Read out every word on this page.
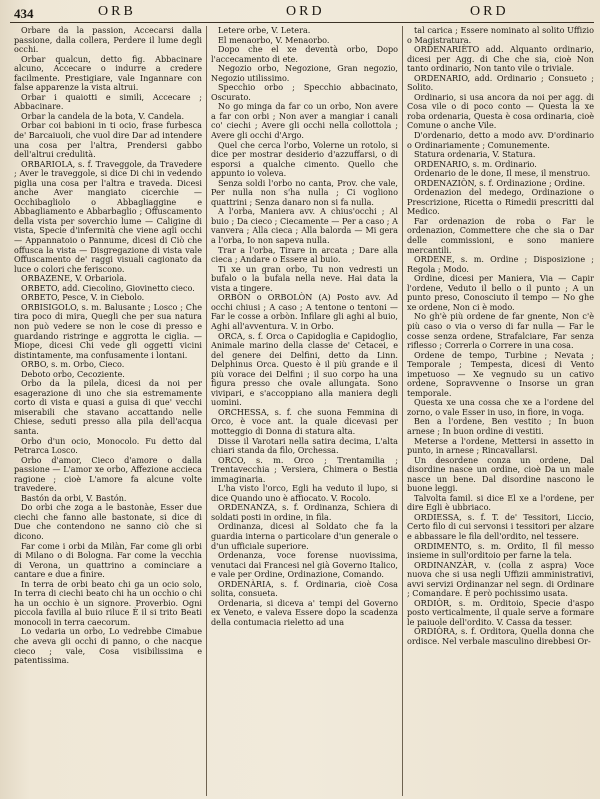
434	ORB	ORD	ORD

Orbare da la passion, Accecarsi dalla passione, dalla collera, Perdere il lume degli occhi.

Orbar qualcun, detto fig. Abbacinare alcuno, Accecare o indurre a credere facilmente. Prestigiare, vale Ingannare con false apparenze la vista altrui.

Orbar i quaiotti e simili, Accecare ; Abbacinare.

Orbar la candela de la bota, V. Candela.

Orbar coi babioni in ti ocio, frase furbesca de' Barcaiuoli, che vuol dire Dar ad intendere una cosa per l'altra, Prendersi gabbo dell'altrui credulità.

ORBARIOLA, s. f. Traveggole, da Travedere ; Aver le traveggole, si dice Di chi in vedendo piglia una cosa per l'altra e traveda. Dicesi anche Aver mangiato cicerchie — Occhibagliolo o Abbagliaggine e Abbagliamento e Abbarbaglio ; Offuscamento della vista per soverchio lume — Caligine di vista, Specie d'infermità che viene agli occhi — Appannatoio o Pannume, dicesi di Ciò che offusca la vista — Disgregazione di vista vale Offuscamento de' raggi visuali cagionato da luce o colori che feriscono.

ORBAZENE, V. Orbariola.

ORBETO, add. Ciecolino, Giovinetto cieco.

ORBETO, Pesce, V. in Ciebolo.

ORBISIGOLO, s. m. Balusante ; Losco ; Che tira poco di mira, Quegli che per sua natura non può vedere se non le cose di presso e guardando ristringe e aggrotta le ciglia. — Miope, dicesi Chi vede gli oggetti vicini distintamente, ma confusamente i lontani.

ORBO, s. m. Orbo, Cieco.

Deboto orbo, Cecoziente.

Orbo da la pilela, dicesi da noi per esagerazione di uno che sia estremamente corto di vista e quasi a guisa di que' vecchi miserabili che stavano accattando nelle Chiese, seduti presso alla pila dell'acqua santa.

Orbo d'un ocio, Monocolo. Fu detto dal Petrarca Losco.

Orbo d'amor, Cieco d'amore o dalla passione — L'amor xe orbo, Affezione accieca ragione ; cioè L'amore fa alcune volte travedere.

Bastón da orbi, V. Bastón.

Do orbi che zoga a le bastonàe, Esser due ciechi che fanno alle bastonate, si dice di Due che contendono ne sanno ciò che si dicono.

Far come i orbi da Milàn, Far come gli orbi di Milano o di Bologna. Far come la vecchia di Verona, un quattrino a cominciare a cantare e due a finire.

In terra de orbi beato chi ga un ocio solo, In terra di ciechi beato chi ha un occhio o chi ha un occhio è un signore. Proverbio. Ogni piccola favilla al buio riluce È il si trito Beati monocoli in terra caecorum.

Lo vedaria un orbo, Lo vedrebbe Cimabue che aveva gli occhi di panno, o che nacque cieco ; vale, Cosa visibilissima e patentissima.

Letere orbe, V. Letera.

El menaorbo, V. Menaorbo.

Dopo che el xe deventà orbo, Dopo l'accecamento di ete.

Negozio orbo, Negozione, Gran negozio, Negozio utilissimo.

Specchio orbo ; Specchio abbacinato, Oscurato.

No go minga da far co un orbo, Non avere a far con orbi ; Non aver a mangiar i canali co' ciechi ; Avere gli occhi nella collottola ; Avere gli occhi d'Argo.

Quel che cerca l'orbo, Volerne un rotolo, si dice per mostrar desiderio d'azzuffarsi, o di esporsi a qualche cimento. Quello che appunto io voleva.

Senza soldi l'orbo no canta, Prov. che vale, Per nulla non s'ha nulla ; Ci vogliono quattrini ; Senza danaro non si fa nulla.

A l'orba, Maniera avv. A chius'occhi ; Al buio ; Da cieco ; Ciecamente — Per a caso ; A vanvera ; Alla cieca ; Alla balorda — Mi gera a l'orba, Io non sapeva nulla.

Trar a l'orba, Tirare in arcata ; Dare alla cieca ; Andare o Essere al buio.

Ti xe un gran orbo, Tu non vedresti un bufalo o la bufala nella neve. Hai data la vista a tingere.

ORBÒN o ORBOLÒN (A) Posto avv. Ad occhi chiusi ; A caso ; A tentone o tentoni — Far le cosse a orbòn. Infilare gli aghi al buio, Aghi all'avventura. V. in Orbo.

ORCA, s. f. Orca o Capidoglia e Capidoglio, Animale marino della classe de' Cetacei, e del genere dei Delfini, detto da Linn. Delphinus Orca. Questo è il più grande e il più vorace dei Delfini ; il suo corpo ha una figura presso che ovale allungata. Sono vivipari, e s'accoppiano alla maniera degli uomini.

ORCHESSA, s. f. che suona Femmina di Orco, è voce ant. la quale dicevasi per motteggio di Donna di statura alta.

Disse il Varotari nella satira decima, L'alta chiari standa da filo, Orchessa.

ORCO, s. m. Orco ; Trentamilia ; Trentavecchia ; Versiera, Chimera o Bestia immaginaria.

L'ha visto l'orco, Egli ha veduto il lupo, si dice Quando uno è affiocato. V. Rocolo.

ORDENANZA, s. f. Ordinanza, Schiera di soldati posti in ordine, in fila.

Ordinanza, dicesi al Soldato che fa la guardia interna o particolare d'un generale o d'un ufficiale superiore.

Ordenanza, voce forense nuovissima, venutaci dai Francesi nel già Governo Italico, e vale per Ordine, Ordinazione, Comando.

ORDENÀRIA, s. f. Ordinaria, cioè Cosa solita, consueta.

Ordenaria, si diceva a' tempi del Governo ex Veneto, e valeva Essere dopo la scadenza della contumacia rieletto ad una

tal carica ; Essere nominato al solito Uffizio o Magistratura.

ORDENARIÈTO add. Alquanto ordinario, dicesi per Agg. di Che che sia, cioè Non tanto ordinario, Non tanto vile o triviale.

ORDENARIO, add. Ordinario ; Consueto ; Solito.

Ordinario, si usa ancora da noi per agg. di Cosa vile o di poco conto — Questa la xe roba ordenaria, Questa è cosa ordinaria, cioè Comune o anche Vile.

D'ordenario, detto a modo avv. D'ordinario o Ordinariamente ; Comunemente.

Statura ordenaria, V. Statura.

ORDENARIO, s. m. Ordinario.

Ordenario de le done, Il mese, il menstruo.

ORDENAZIÒN, s. f. Ordinazione ; Ordine.

Ordenazion del medego, Ordinazione o Prescrizione, Ricetta o Rimedii prescritti dal Medico.

Far ordenazion de roba o Far le ordenazion, Commettere che che sia o Dar delle commissioni, e sono maniere mercantili.

ORDENE, s. m. Ordine ; Disposizione ; Regola ; Modo.

Ordine, dicesi per Maniera, Via — Capir l'ordene, Veduto il bello o il punto ; A un punto preso, Conosciuto il tempo — No ghe xe ordene, Non ci è modo.

No gh'è più ordene de far gnente, Non c'è più caso o via o verso di far nulla — Far le cosse senza ordene, Strafalciare, Far senza riflesso ; Correrla o Correre in una cosa.

Ordene de tempo, Turbine ; Nevata ; Temporale ; Tempesta, dicesi di Vento impetuoso — Xe vegnudo su un cativo ordene, Sopravvenne o Insorse un gran temporale.

Questa xe una cossa che xe a l'ordene del zorno, o vale Esser in uso, in fiore, in voga.

Ben a l'ordene, Ben vestito ; In buon arnese ; In buon ordine di vestiti.

Meterse a l'ordene, Mettersi in assetto in punto, in arnese ; Rincavallarsi.

Un desordene conza un ordene, Dal disordine nasce un ordine, cioè Da un male nasce un bene. Dal disordine nascono le buone leggi.

Talvolta famil. si dice El xe a l'ordene, per dire Egli è ubbriaco.

ORDIESSA, s. f. T. de' Tessitori, Liccio, Certo filo di cui servonsi i tessitori per alzare e abbassare le fila dell'ordito, nel tessere.

ORDIMENTO, s. m. Ordito, Il fil messo insieme in sull'orditoio per farne la tela.

ORDINANZÀR, v. (colla z aspra) Voce nuova che si usa negli Uffizii amministrativi, avvi servizi Ordinanzar nel segn. di Ordinare ; Comandare. È però pochissimo usata.

ORDIÒR, s. m. Orditoio, Specie d'aspo posto verticalmente, il quale serve a formare le paiuole dell'ordito. V. Cassa da tesser.

ORDIÒRA, s. f. Orditora, Quella donna che ordisce. Nel verbale masculino direbbesi Or-
